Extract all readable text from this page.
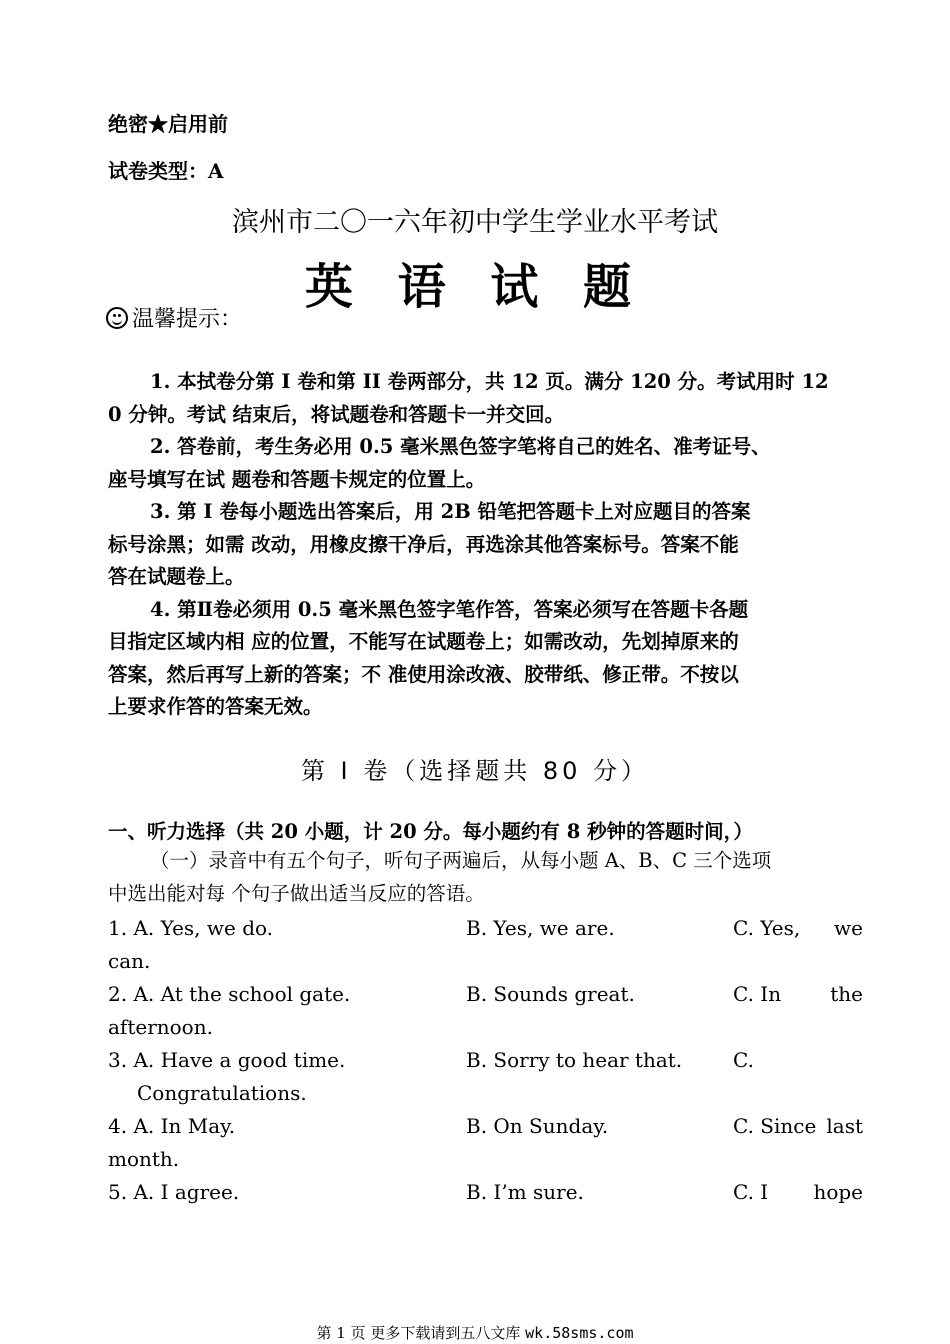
绝密★启用前
试卷类型：A
滨州市二〇一六年初中学生学业水平考试
英 语 试 题
温馨提示：

1. 本拭卷分第 I 卷和第 II 卷两部分，共 12 页。满分 120 分。考试用时 12

0 分钟。考试 结束后，将试题卷和答题卡一并交回。

2. 答卷前，考生务必用 0.5 毫米黑色签字笔将自己的姓名、准考证号、

座号填写在试 题卷和答题卡规定的位置上。

3. 第 I 卷每小题选出答案后，用 2B 铅笔把答题卡上对应题目的答案

标号涂黑；如需 改动，用橡皮擦干净后，再选涂其他答案标号。答案不能

答在试题卷上。

4. 第Ⅱ卷必须用 0.5 毫米黑色签字笔作答，答案必须写在答题卡各题

目指定区域内相 应的位置，不能写在试题卷上；如需改动，先划掉原来的

答案，然后再写上新的答案；不 准使用涂改液、胶带纸、修正带。不按以

上要求作答的答案无效。

第 I 卷（选择题共 80 分）
一、听力选择（共 20 小题，计 20 分。每小题约有 8 秒钟的答题时间，）

（一）录音中有五个句子，听句子两遍后，从每小题 A、B、C 三个选项

中选出能对每 个句子做出适当反应的答语。
1. A. Yes, we do.	B. Yes, we are.	C. Yes, we
can.
2. A. At the school gate.	B. Sounds great.	C. In the
afternoon.
3. A. Have a good time.	B. Sorry to hear that.	C.
Congratulations.
4. A. In May.	B. On Sunday.	C. Since last
month.
5. A. I agree.	B. I’m sure.	C. I hope
第 1 页 更多下载请到五八文库 wk.58sms.com
